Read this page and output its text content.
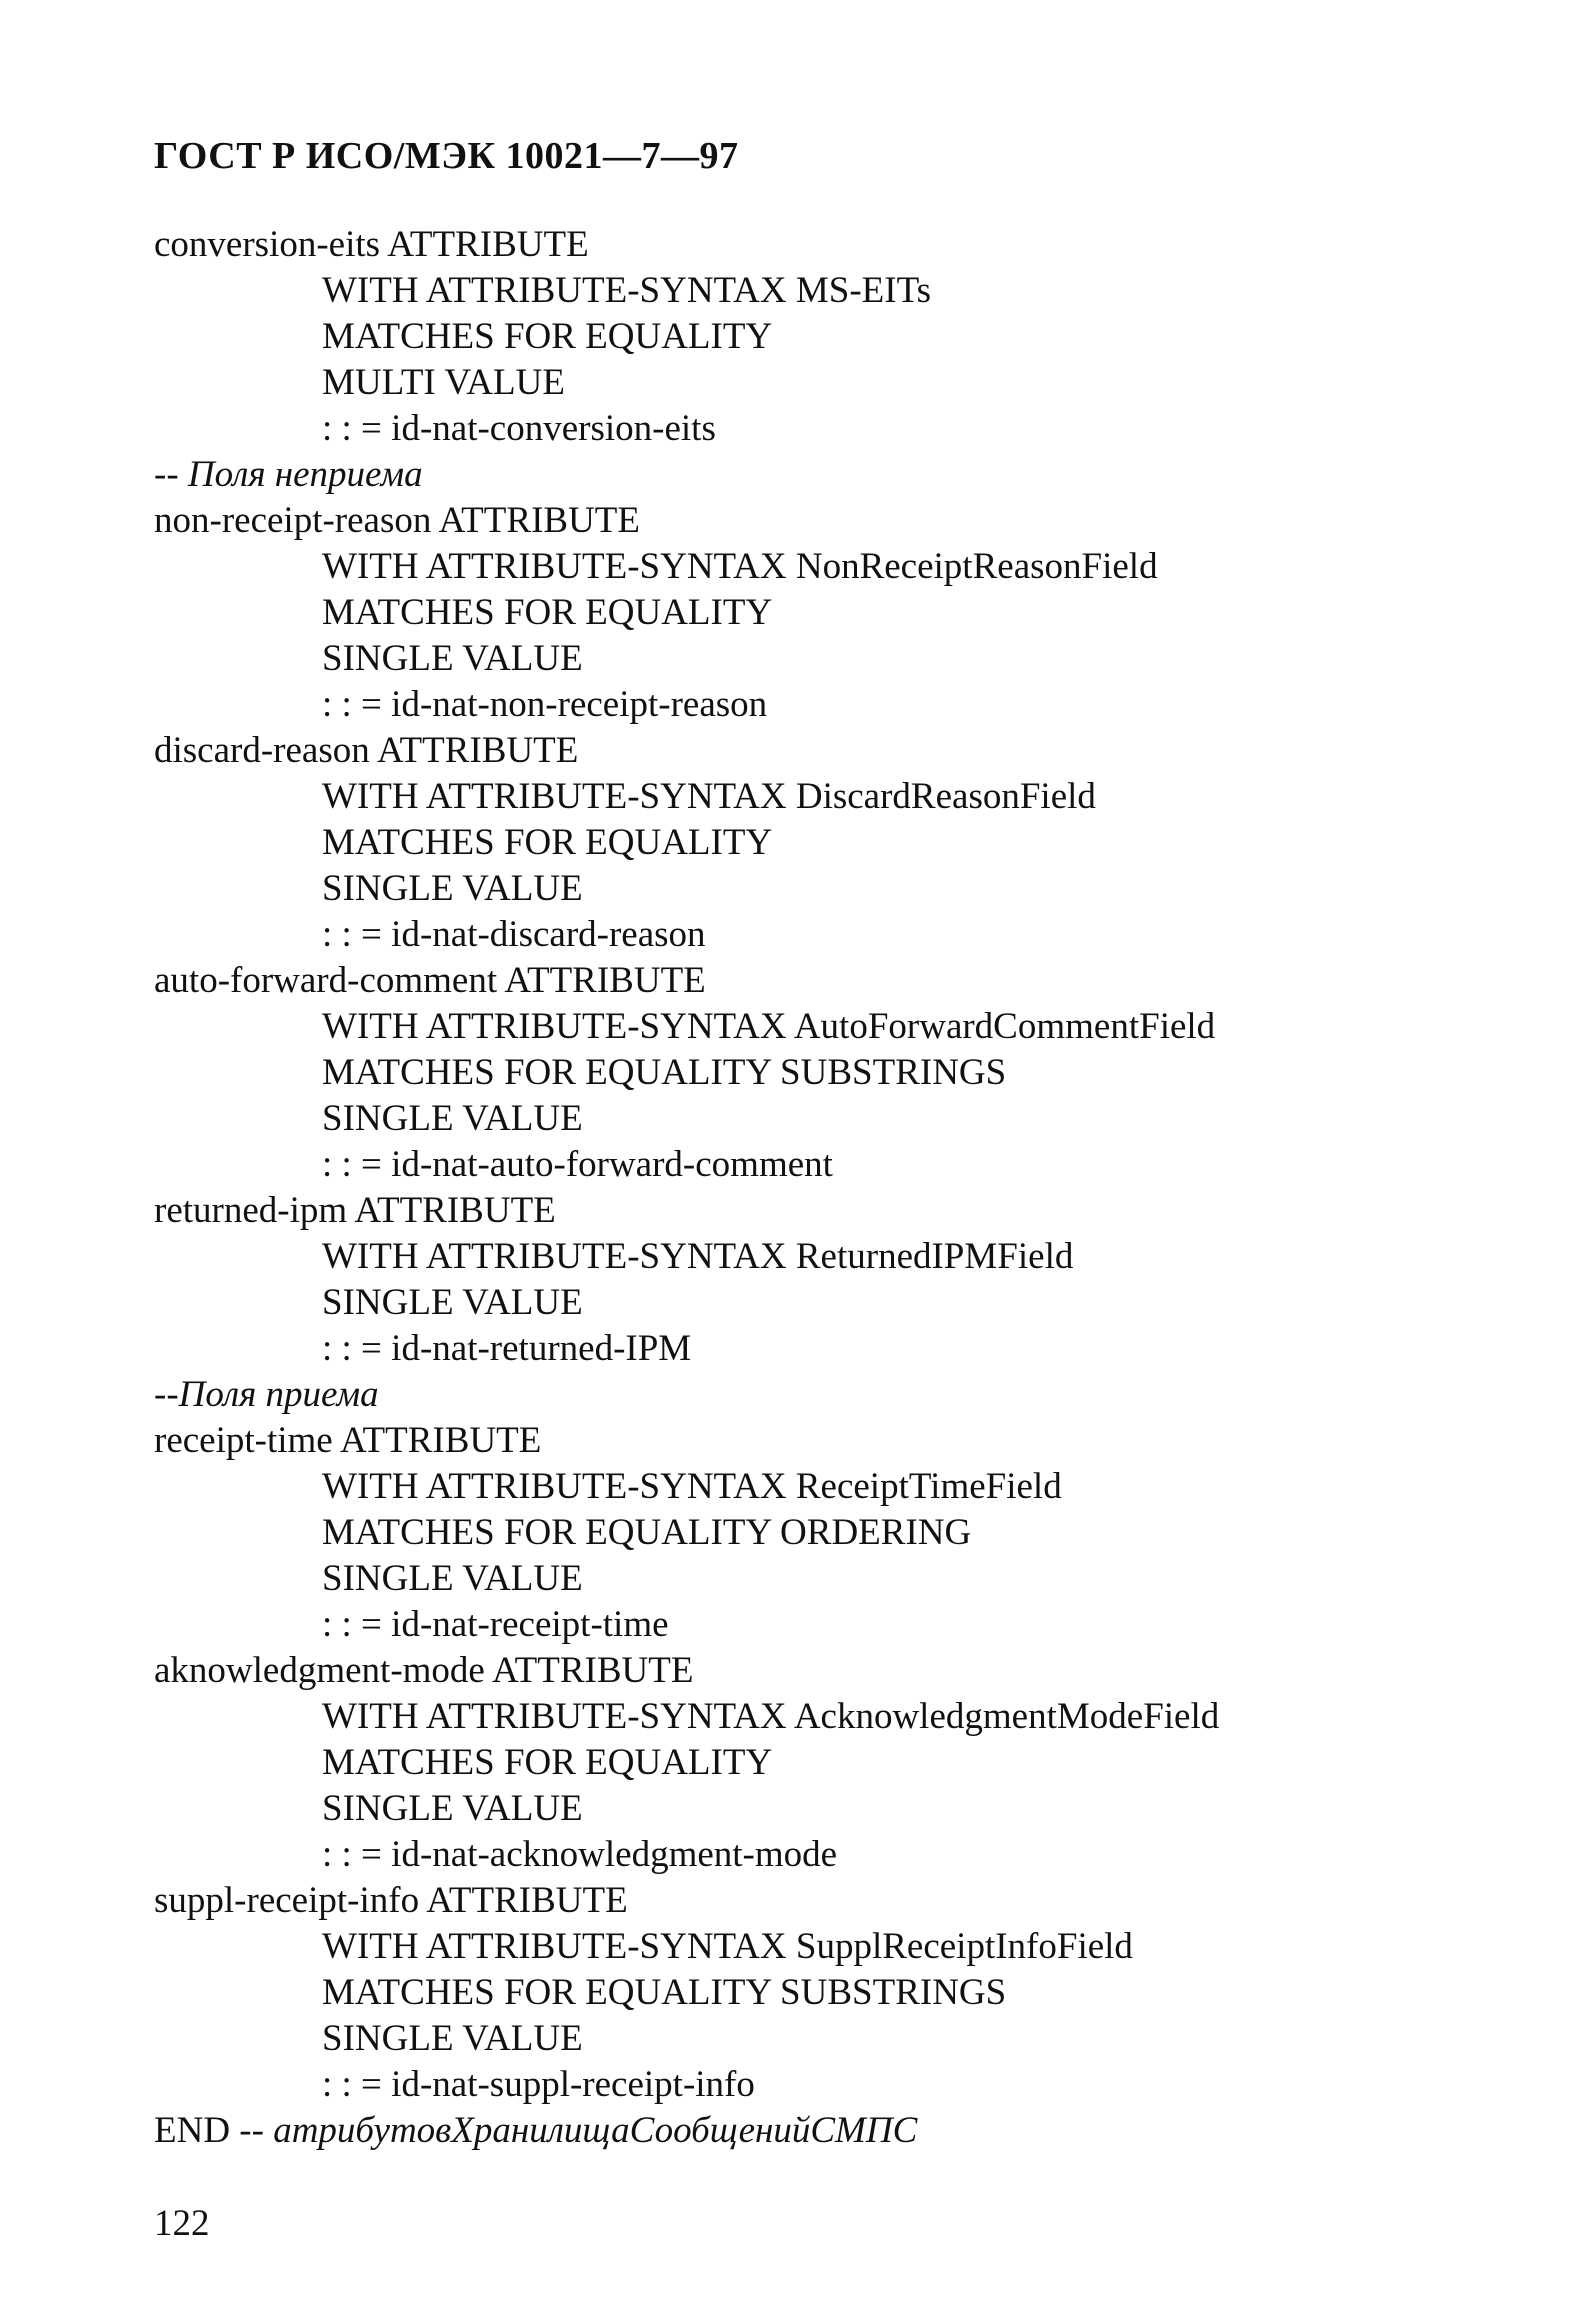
ГОСТ Р ИСО/МЭК 10021—7—97
conversion-eits ATTRIBUTE
WITH ATTRIBUTE-SYNTAX MS-EITs
MATCHES FOR EQUALITY
MULTI VALUE
: : = id-nat-conversion-eits
-- Поля неприема
non-receipt-reason ATTRIBUTE
WITH ATTRIBUTE-SYNTAX NonReceiptReasonField
MATCHES FOR EQUALITY
SINGLE VALUE
: : = id-nat-non-receipt-reason
discard-reason ATTRIBUTE
WITH ATTRIBUTE-SYNTAX DiscardReasonField
MATCHES FOR EQUALITY
SINGLE VALUE
: : = id-nat-discard-reason
auto-forward-comment ATTRIBUTE
WITH ATTRIBUTE-SYNTAX AutoForwardCommentField
MATCHES FOR EQUALITY SUBSTRINGS
SINGLE VALUE
: : = id-nat-auto-forward-comment
returned-ipm ATTRIBUTE
WITH ATTRIBUTE-SYNTAX ReturnedIPMField
SINGLE VALUE
: : = id-nat-returned-IPM
--Поля приема
receipt-time ATTRIBUTE
WITH ATTRIBUTE-SYNTAX ReceiptTimeField
MATCHES FOR EQUALITY ORDERING
SINGLE VALUE
: : = id-nat-receipt-time
aknowledgment-mode ATTRIBUTE
WITH ATTRIBUTE-SYNTAX AcknowledgmentModeField
MATCHES FOR EQUALITY
SINGLE VALUE
: : = id-nat-acknowledgment-mode
suppl-receipt-info ATTRIBUTE
WITH ATTRIBUTE-SYNTAX SupplReceiptInfoField
MATCHES FOR EQUALITY SUBSTRINGS
SINGLE VALUE
: : = id-nat-suppl-receipt-info
END -- атрибутовХранилищаСообщенийСМПС
122
